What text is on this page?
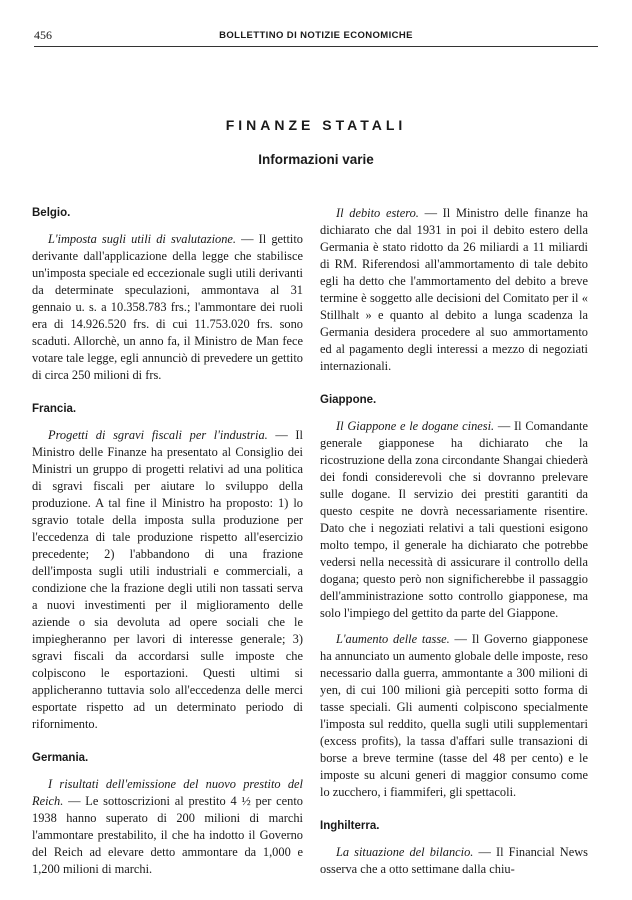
456	BOLLETTINO DI NOTIZIE ECONOMICHE
FINANZE STATALI
Informazioni varie
Belgio.

L'imposta sugli utili di svalutazione. — Il gettito derivante dall'applicazione della legge che stabilisce un'imposta speciale ed eccezionale sugli utili derivanti da determinate speculazioni, ammontava al 31 gennaio u. s. a 10.358.783 frs.; l'ammontare dei ruoli era di 14.926.520 frs. di cui 11.753.020 frs. sono scaduti. Allorchè, un anno fa, il Ministro de Man fece votare tale legge, egli annunciò di prevedere un gettito di circa 250 milioni di frs.

Francia.

Progetti di sgravi fiscali per l'industria. — Il Ministro delle Finanze ha presentato al Consiglio dei Ministri un gruppo di progetti relativi ad una politica di sgravi fiscali per aiutare lo sviluppo della produzione. A tal fine il Ministro ha proposto: 1) lo sgravio totale della imposta sulla produzione per l'eccedenza di tale produzione rispetto all'esercizio precedente; 2) l'abbandono di una frazione dell'imposta sugli utili industriali e commerciali, a condizione che la frazione degli utili non tassati serva a nuovi investimenti per il miglioramento delle aziende o sia devoluta ad opere sociali che le impiegheranno per lavori di interesse generale; 3) sgravi fiscali da accordarsi sulle imposte che colpiscono le esportazioni. Questi ultimi si applicheranno tuttavia solo all'eccedenza delle merci esportate rispetto ad un determinato periodo di rifornimento.

Germania.

I risultati dell'emissione del nuovo prestito del Reich. — Le sottoscrizioni al prestito 4 ½ per cento 1938 hanno superato di 200 milioni di marchi l'ammontare prestabilito, il che ha indotto il Governo del Reich ad elevare detto ammontare da 1,000 e 1,200 milioni di marchi.

Il debito estero. — Il Ministro delle finanze ha dichiarato che dal 1931 in poi il debito estero della Germania è stato ridotto da 26 miliardi a 11 miliardi di RM. Riferendosi all'ammortamento di tale debito egli ha detto che l'ammortamento del debito a breve termine è soggetto alle decisioni del Comitato per il « Stillhalt » e quanto al debito a lunga scadenza la Germania desidera procedere al suo ammortamento ed al pagamento degli interessi a mezzo di negoziati internazionali.

Giappone.

Il Giappone e le dogane cinesi. — Il Comandante generale giapponese ha dichiarato che la ricostruzione della zona circondante Shangai chiederà dei fondi considerevoli che si dovranno prelevare sulle dogane. Il servizio dei prestiti garantiti da questo cespite ne dovrà necessariamente risentire. Dato che i negoziati relativi a tali questioni esigono molto tempo, il generale ha dichiarato che potrebbe vedersi nella necessità di assicurare il controllo della dogana; questo però non significherebbe il passaggio dell'amministrazione sotto controllo giapponese, ma solo l'impiego del gettito da parte del Giappone.

L'aumento delle tasse. — Il Governo giapponese ha annunciato un aumento globale delle imposte, reso necessario dalla guerra, ammontante a 300 milioni di yen, di cui 100 milioni già percepiti sotto forma di tasse speciali. Gli aumenti colpiscono specialmente l'imposta sul reddito, quella sugli utili supplementari (excess profits), la tassa d'affari sulle transazioni di borse a breve termine (tasse del 48 per cento) e le imposte su alcuni generi di maggior consumo come lo zucchero, i fiammiferi, gli spettacoli.

Inghilterra.

La situazione del bilancio. — Il Financial News osserva che a otto settimane dalla chiu-
